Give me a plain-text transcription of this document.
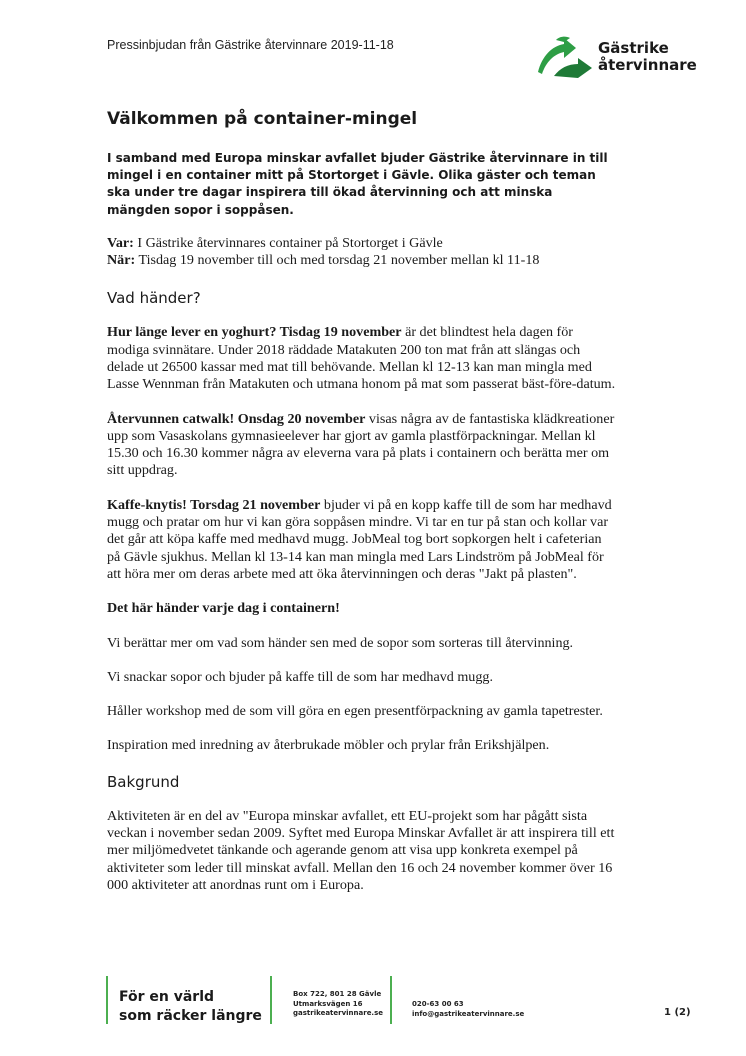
Pressinbjudan från Gästrike återvinnare 2019-11-18	Gästrike
återvinnare
Välkommen på container-mingel
I samband med Europa minskar avfallet bjuder Gästrike återvinnare in till mingel i en container mitt på Stortorget i Gävle. Olika gäster och teman ska under tre dagar inspirera till ökad återvinning och att minska mängden sopor i soppåsen.

Var: I Gästrike återvinnares container på Stortorget i Gävle
När: Tisdag 19 november till och med torsdag 21 november mellan kl 11-18

Vad händer?

Hur länge lever en yoghurt? Tisdag 19 november är det blindtest hela dagen för modiga svinnätare. Under 2018 räddade Matakuten 200 ton mat från att slängas och delade ut 26500 kassar med mat till behövande. Mellan kl 12-13 kan man mingla med Lasse Wennman från Matakuten och utmana honom på mat som passerat bäst-före-datum.

Återvunnen catwalk! Onsdag 20 november visas några av de fantastiska klädkreationer upp som Vasaskolans gymnasieelever har gjort av gamla plastförpackningar. Mellan kl 15.30 och 16.30 kommer några av eleverna vara på plats i containern och berätta mer om sitt uppdrag.

Kaffe-knytis! Torsdag 21 november bjuder vi på en kopp kaffe till de som har medhavd mugg och pratar om hur vi kan göra soppåsen mindre. Vi tar en tur på stan och kollar var det går att köpa kaffe med medhavd mugg. JobMeal tog bort sopkorgen helt i cafeterian på Gävle sjukhus. Mellan kl 13-14 kan man mingla med Lars Lindström på JobMeal för att höra mer om deras arbete med att öka återvinningen och deras "Jakt på plasten".

Det här händer varje dag i containern!

Vi berättar mer om vad som händer sen med de sopor som sorteras till återvinning.

Vi snackar sopor och bjuder på kaffe till de som har medhavd mugg.

Håller workshop med de som vill göra en egen presentförpackning av gamla tapetrester.

Inspiration med inredning av återbrukade möbler och prylar från Erikshjälpen.

Bakgrund

Aktiviteten är en del av "Europa minskar avfallet, ett EU-projekt som har pågått sista veckan i november sedan 2009. Syftet med Europa Minskar Avfallet är att inspirera till ett mer miljömedvetet tänkande och agerande genom att visa upp konkreta exempel på aktiviteter som leder till minskat avfall. Mellan den 16 och 24 november kommer över 16 000 aktiviteter att anordnas runt om i Europa.

För en värld
som räcker längre
Box 722, 801 28 Gävle
Utmarksvägen 16
gastrikeatervinnare.se
020-63 00 63
info@gastrikeatervinnare.se	1 (2)
